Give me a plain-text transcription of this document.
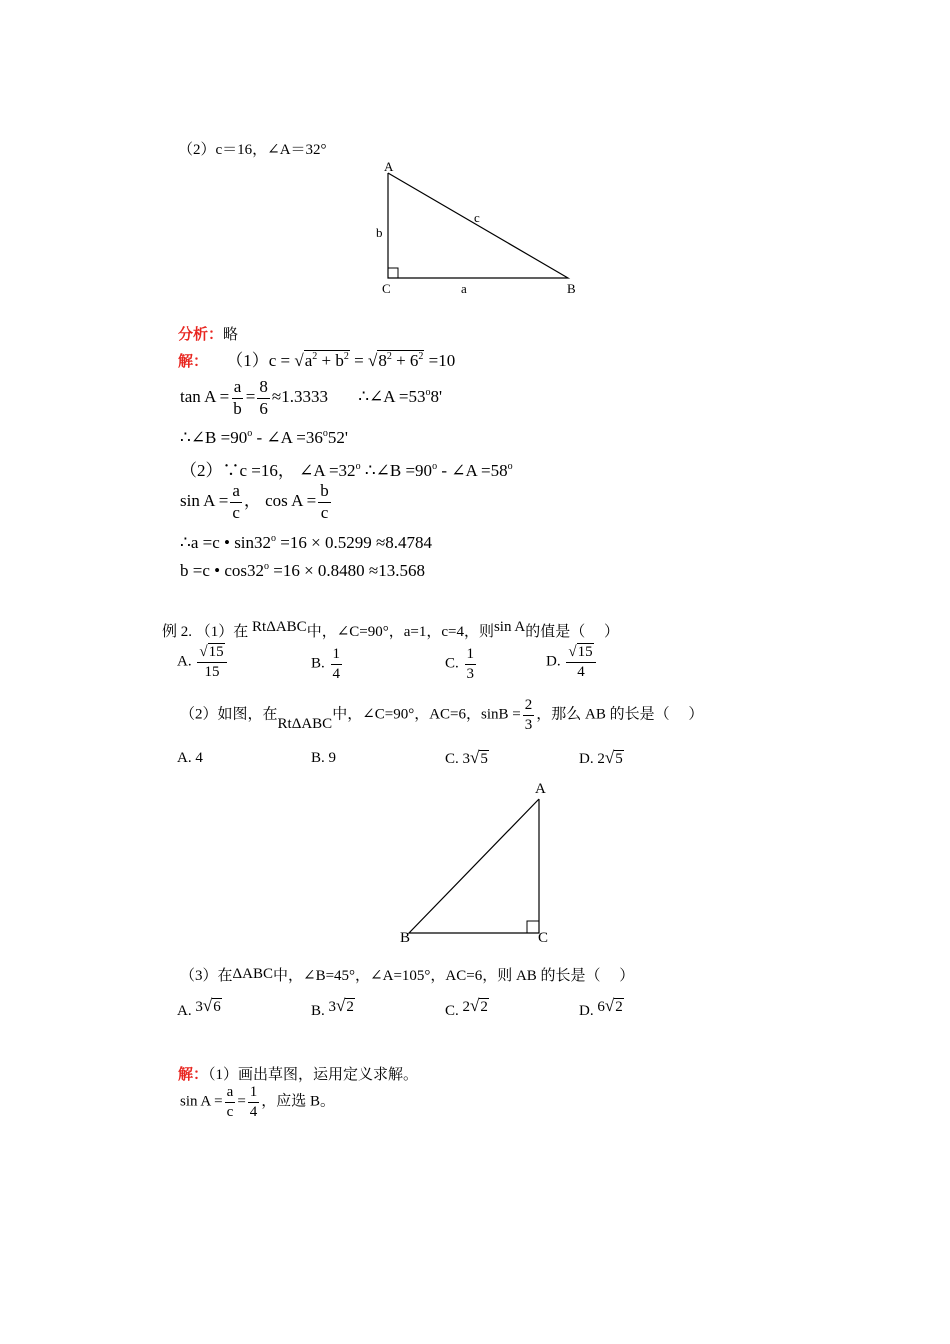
（2）c＝16，∠A＝32°
A
b
c
C	a	B
分析：略
解： $(1)c = √a^2 + b^2 = √8^2 + 6^2 =10$
$\tan A = \frac{a}{b} = \frac{8}{6} \approx 1.3333$ ∴∠A $=53^o8'$
∴∠B $=90^o$ - ∠A $=36^o52'$
（2）∵c =16， ∠A $=32^o$ ∴∠B $=90^o$ - ∠A $=58^o$
$\sin A = \frac{a}{c}$ ， $\cos A = \frac{b}{c}$
∴a =c • $\sin 32^o =16 \times 0.5299 \approx 8.4784$
b =c • $\cos 32^o =16 \times 0.8480 \approx 13.568$
例 2. （1）在 RtΔABC中，∠C=90°，a=1，c=4，则sin A的值是（　 ）
A. $\frac{√15}{15}$	B. $\frac{1}{4}$	C. $\frac{1}{3}$	D. $\frac{√15}{4}$
（2）如图，在RtΔABC中，∠C=90°，AC=6，$\sin B = \frac{2}{3}$ ，那么 AB 的长是（　 ）
A. 4	B. 9	C. 3√5	D. 2√5
A
B	C
（3）在ΔABC中，∠B=45°，∠A=105°，AC=6，则 AB 的长是（　 ）
A. 3√6	B. 3√2	C. 2√2	D. 6√2
解：（1）画出草图，运用定义求解。
$\sin A = \frac{a}{c} = \frac{1}{4}$ ，应选 B。
